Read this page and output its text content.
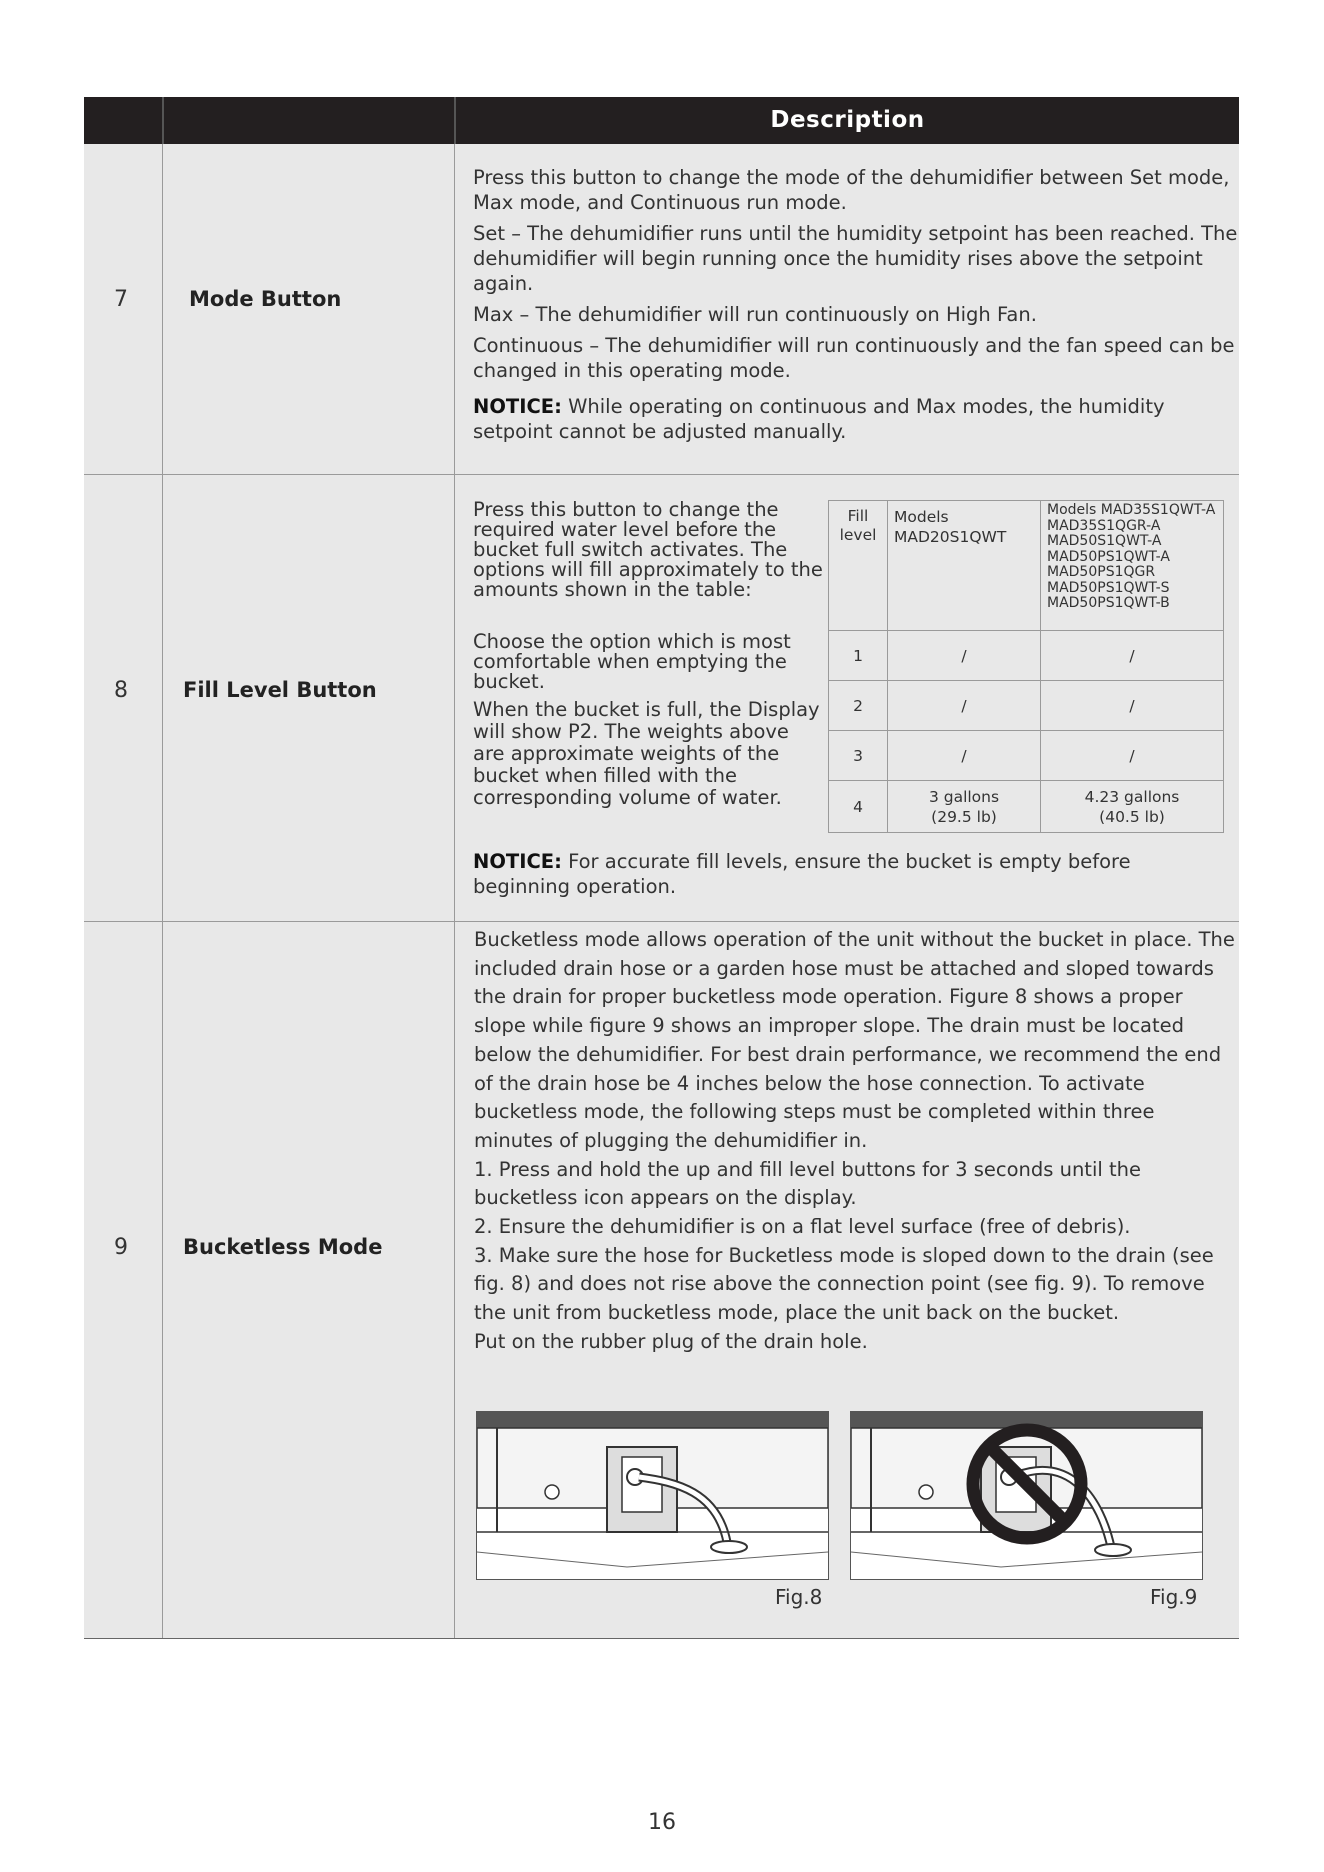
Description
7	Mode Button

Press this button to change the mode of the dehumidifier between Set mode, Max mode, and Continuous run mode.

Set – The dehumidifier runs until the humidity setpoint has been reached. The dehumidifier will begin running once the humidity rises above the setpoint again.

Max – The dehumidifier will run continuously on High Fan.

Continuous – The dehumidifier will run continuously and the fan speed can be changed in this operating mode.

NOTICE: While operating on continuous and Max modes, the humidity setpoint cannot be adjusted manually.

8	Fill Level Button

Press this button to change the required water level before the bucket full switch activates. The options will fill approximately to the amounts shown in the table:

Choose the option which is most comfortable when emptying the bucket.

When the bucket is full, the Display will show P2. The weights above are approximate weights of the bucket when filled with the corresponding volume of water.

Fill level	Models MAD20S1QWT	Models MAD35S1QWT-A MAD35S1QGR-A MAD50S1QWT-A MAD50PS1QWT-A MAD50PS1QGR MAD50PS1QWT-S MAD50PS1QWT-B
1	/	/
2	/	/
3	/	/
4	3 gallons (29.5 lb)	4.23 gallons (40.5 lb)

NOTICE: For accurate fill levels, ensure the bucket is empty before beginning operation.

9	Bucketless Mode

Bucketless mode allows operation of the unit without the bucket in place. The included drain hose or a garden hose must be attached and sloped towards the drain for proper bucketless mode operation. Figure 8 shows a proper slope while figure 9 shows an improper slope. The drain must be located below the dehumidifier. For best drain performance, we recommend the end of the drain hose be 4 inches below the hose connection. To activate bucketless mode, the following steps must be completed within three minutes of plugging the dehumidifier in.

1. Press and hold the up and fill level buttons for 3 seconds until the bucketless icon appears on the display.

2. Ensure the dehumidifier is on a flat level surface (free of debris).

3. Make sure the hose for Bucketless mode is sloped down to the drain (see fig. 8) and does not rise above the connection point (see fig. 9). To remove the unit from bucketless mode, place the unit back on the bucket.

Put on the rubber plug of the drain hole.

Fig.8	Fig.9
16
